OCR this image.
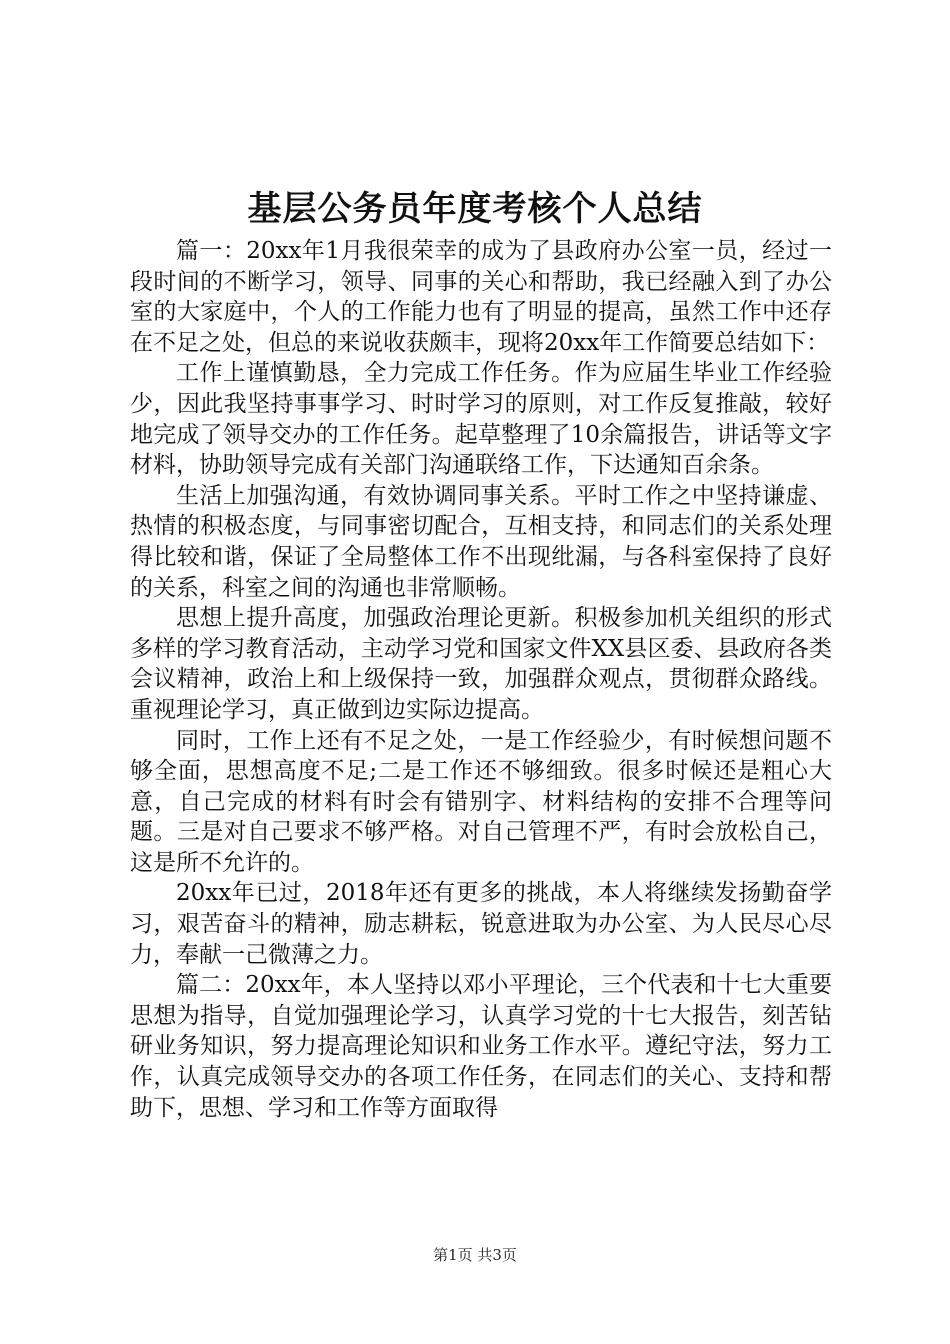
基层公务员年度考核个人总结

篇一：20xx年1月我很荣幸的成为了县政府办公室一员，经过一段时间的不断学习，领导、同事的关心和帮助，我已经融入到了办公室的大家庭中，个人的工作能力也有了明显的提高，虽然工作中还存在不足之处，但总的来说收获颇丰，现将20xx年工作简要总结如下：

工作上谨慎勤恳，全力完成工作任务。作为应届生毕业工作经验少，因此我坚持事事学习、时时学习的原则，对工作反复推敲，较好地完成了领导交办的工作任务。起草整理了10余篇报告，讲话等文字材料，协助领导完成有关部门沟通联络工作，下达通知百余条。

生活上加强沟通，有效协调同事关系。平时工作之中坚持谦虚、热情的积极态度，与同事密切配合，互相支持，和同志们的关系处理得比较和谐，保证了全局整体工作不出现纰漏，与各科室保持了良好的关系，科室之间的沟通也非常顺畅。

思想上提升高度，加强政治理论更新。积极参加机关组织的形式多样的学习教育活动，主动学习党和国家文件XX县区委、县政府各类会议精神，政治上和上级保持一致，加强群众观点，贯彻群众路线。重视理论学习，真正做到边实际边提高。

同时，工作上还有不足之处，一是工作经验少，有时候想问题不够全面，思想高度不足;二是工作还不够细致。很多时候还是粗心大意，自己完成的材料有时会有错别字、材料结构的安排不合理等问题。三是对自己要求不够严格。对自己管理不严，有时会放松自己，这是所不允许的。

20xx年已过，2018年还有更多的挑战，本人将继续发扬勤奋学习，艰苦奋斗的精神，励志耕耘，锐意进取为办公室、为人民尽心尽力，奉献一己微薄之力。

篇二：20xx年，本人坚持以邓小平理论，三个代表和十七大重要思想为指导，自觉加强理论学习，认真学习党的十七大报告，刻苦钻研业务知识，努力提高理论知识和业务工作水平。遵纪守法，努力工作，认真完成领导交办的各项工作任务，在同志们的关心、支持和帮助下，思想、学习和工作等方面取得

第1页 共3页
